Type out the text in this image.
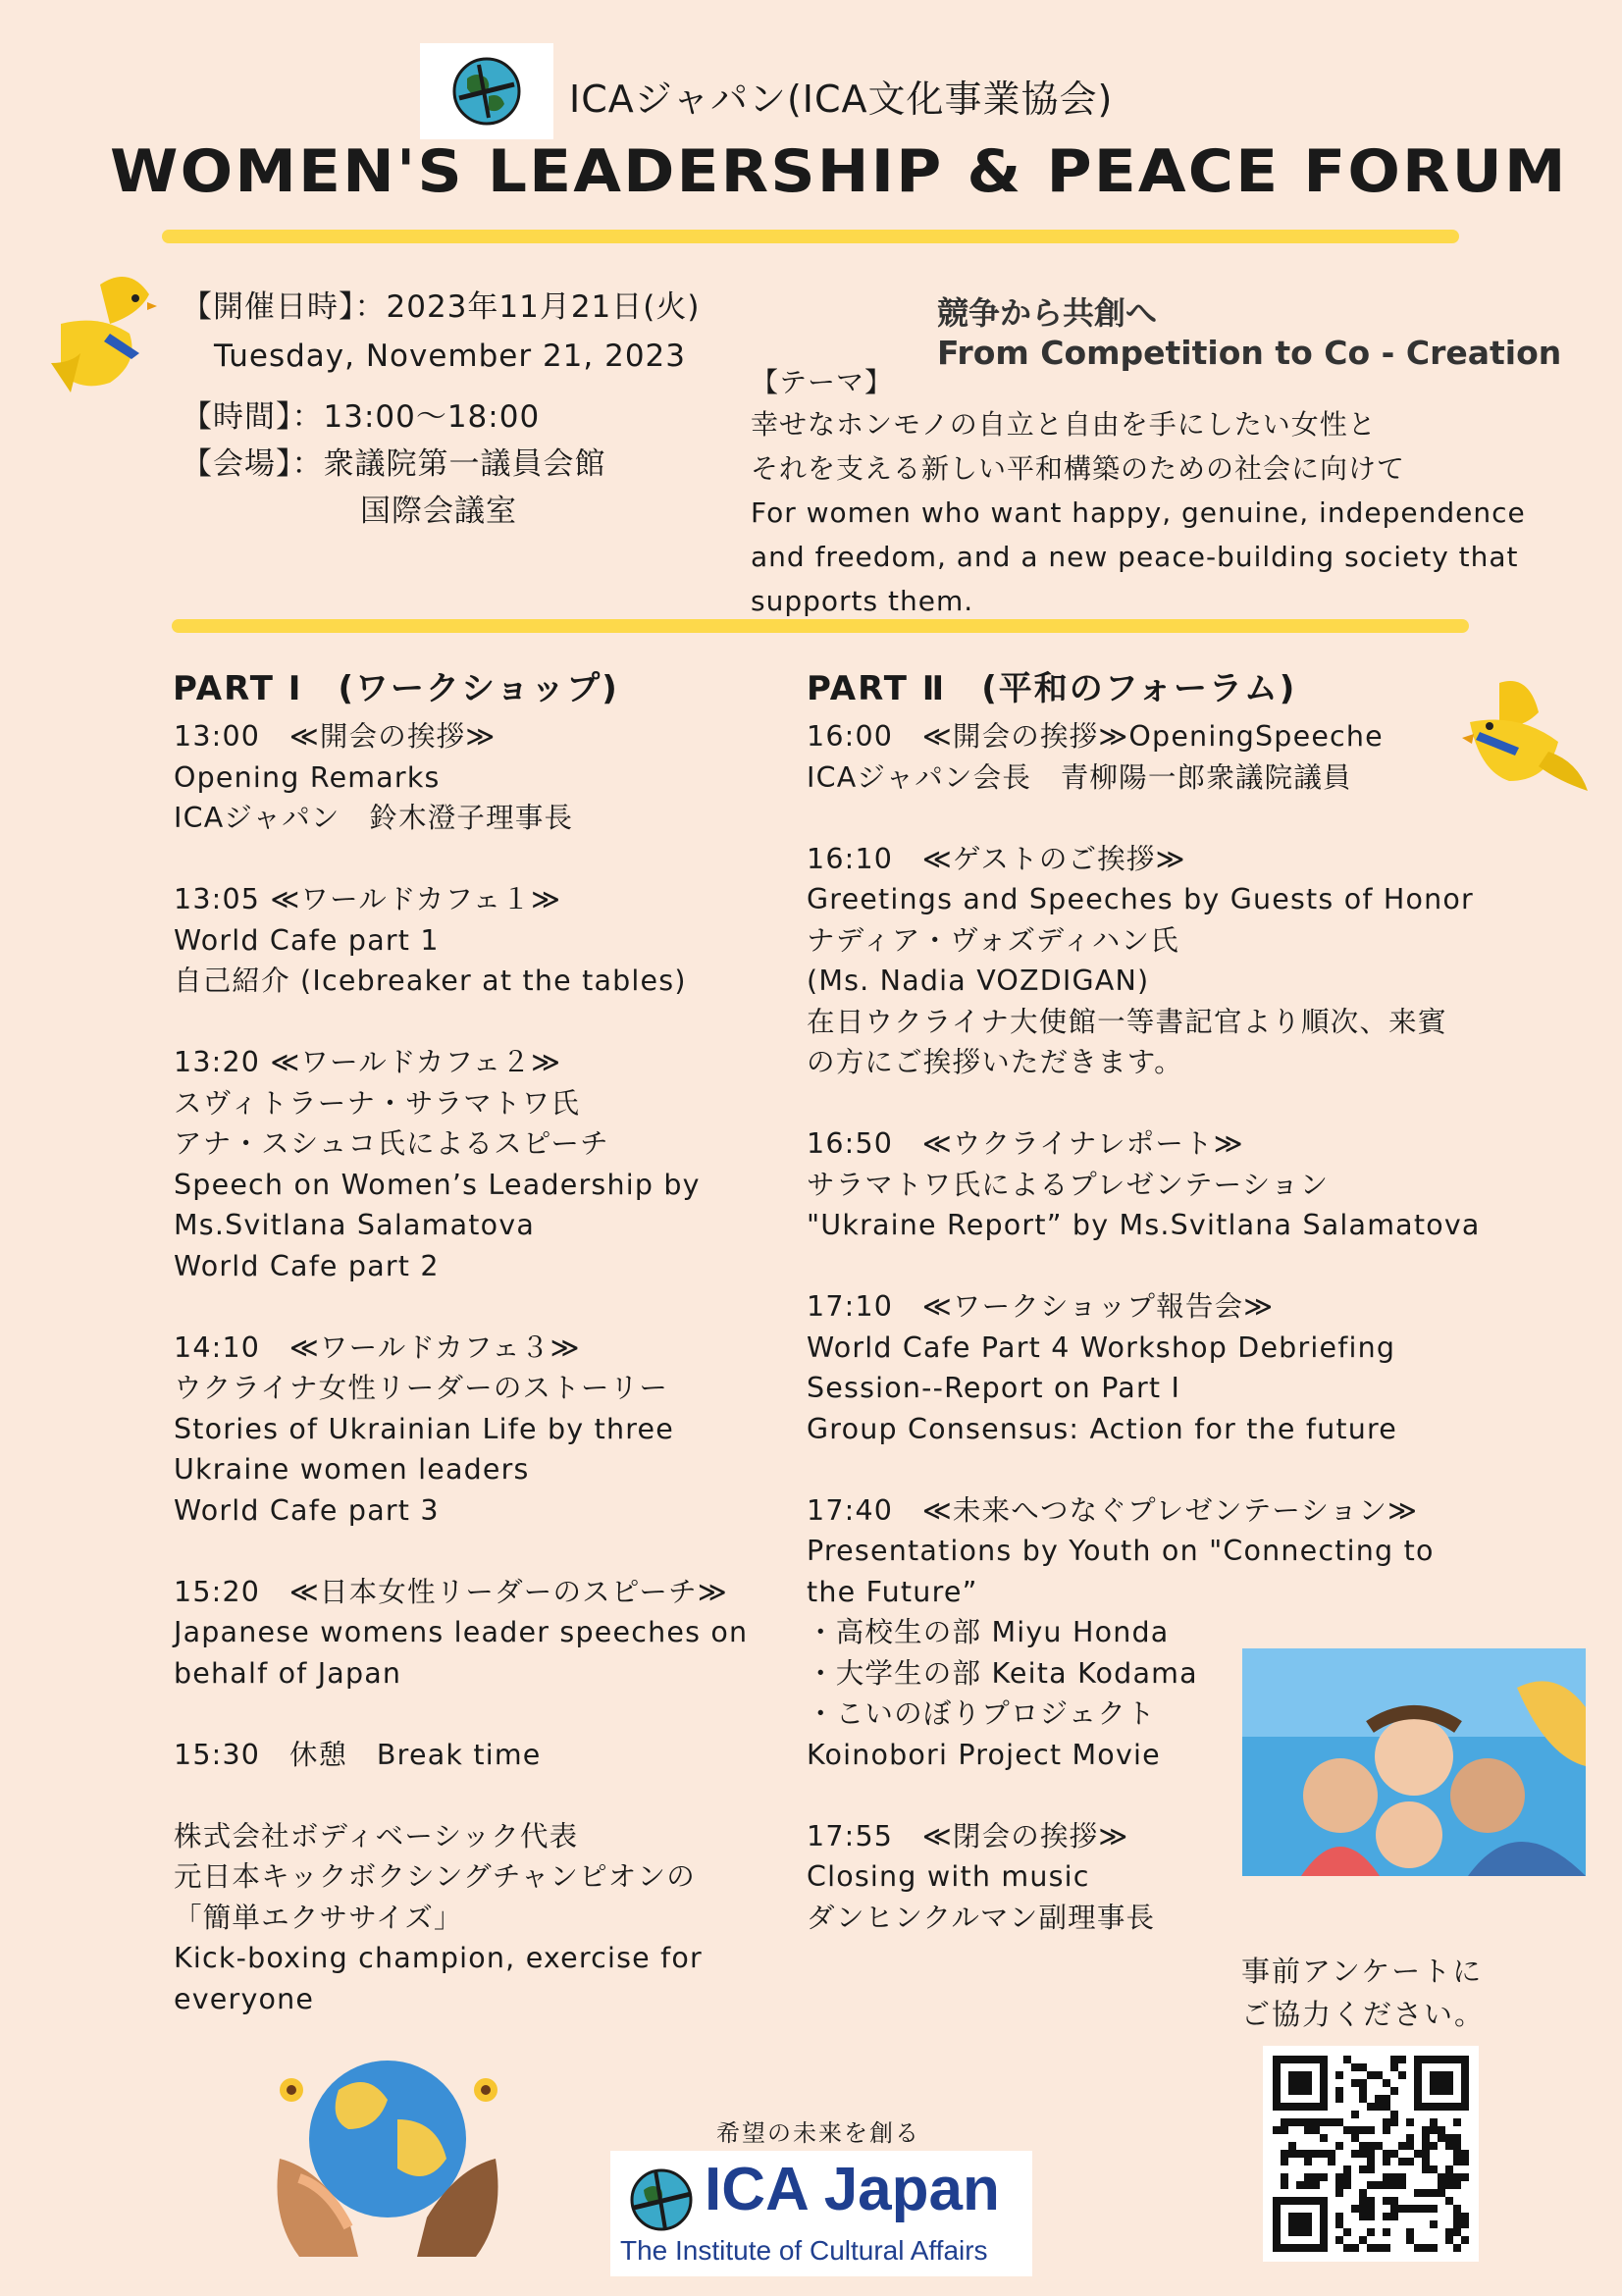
ICAジャパン(ICA文化事業協会)
WOMEN'S LEADERSHIP & PEACE FORUM
【開催日時】：2023年11月21日(火)
Tuesday, November 21, 2023
【時間】：13:00～18:00
【会場】：衆議院第一議員会館
国際会議室
競争から共創へ
From Competition to Co - Creation
【テーマ】
幸せなホンモノの自立と自由を手にしたい女性と
それを支える新しい平和構築のための社会に向けて
For women who want happy, genuine, independence
and freedom, and a new peace-building society that
supports them.
PART Ⅰ　(ワークショップ)

13:00　≪開会の挨拶≫

Opening Remarks

ICAジャパン　鈴木澄子理事長

13:05 ≪ワールドカフェ１≫

World Cafe part 1

自己紹介 (Icebreaker at the tables)

13:20 ≪ワールドカフェ２≫

スヴィトラーナ・サラマトワ氏

アナ・スシュコ氏によるスピーチ

Speech on Women’s Leadership by

Ms.Svitlana Salamatova

World Cafe part 2

14:10　≪ワールドカフェ３≫

ウクライナ女性リーダーのストーリー

Stories of Ukrainian Life by three

Ukraine women leaders

World Cafe part 3

15:20　≪日本女性リーダーのスピーチ≫

Japanese womens leader speeches on

behalf of Japan

15:30　休憩　Break time

株式会社ボディベーシック代表

元日本キックボクシングチャンピオンの

「簡単エクササイズ」

Kick-boxing champion, exercise for

everyone

PART Ⅱ　(平和のフォーラム)

16:00　≪開会の挨拶≫OpeningSpeeche

ICAジャパン会長　青柳陽一郎衆議院議員

16:10　≪ゲストのご挨拶≫

Greetings and Speeches by Guests of Honor

ナディア・ヴォズディハン氏

(Ms. Nadia VOZDIGAN)

在日ウクライナ大使館一等書記官より順次、来賓

の方にご挨拶いただきます。

16:50　≪ウクライナレポート≫

サラマトワ氏によるプレゼンテーション

"Ukraine Report” by Ms.Svitlana Salamatova

17:10　≪ワークショップ報告会≫

World Cafe Part 4 Workshop Debriefing

Session--Report on Part I

Group Consensus: Action for the future

17:40　≪未来へつなぐプレゼンテーション≫

Presentations by Youth on "Connecting to

the Future”

・高校生の部 Miyu Honda

・大学生の部 Keita Kodama

・こいのぼりプロジェクト

Koinobori Project Movie

17:55　≪閉会の挨拶≫

Closing with music

ダンヒンクルマン副理事長

事前アンケートに
ご協力ください。
希望の未来を創る
ICA Japan
The Institute of Cultural Affairs
